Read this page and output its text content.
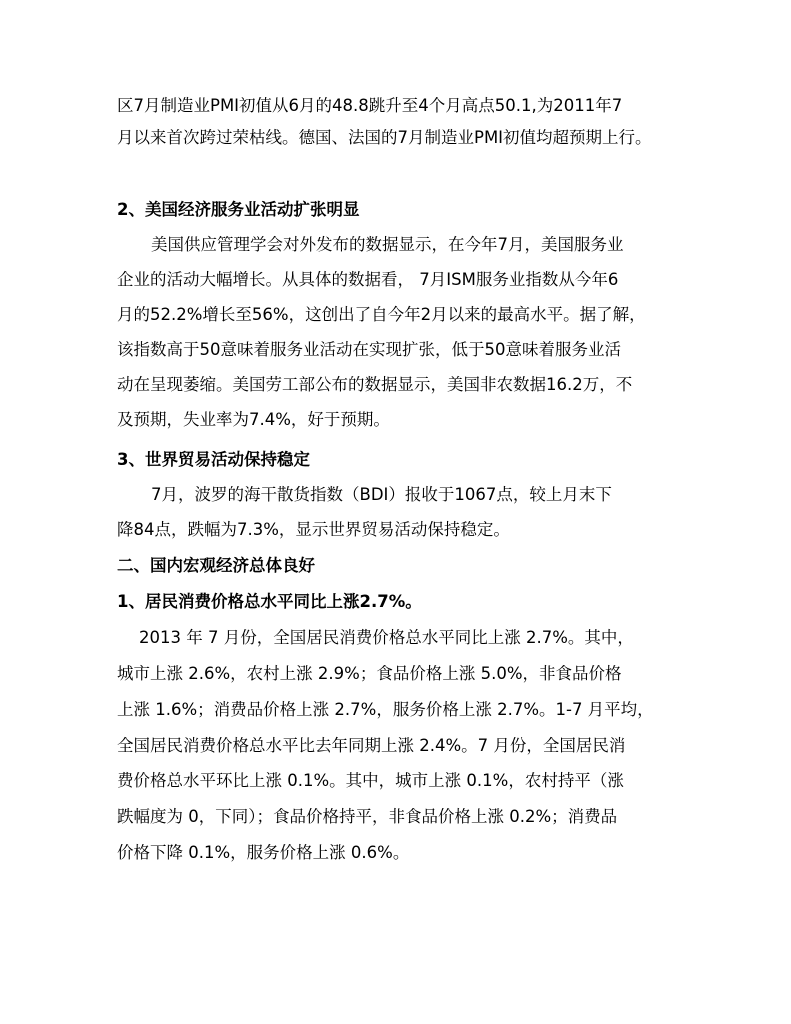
区7月制造业PMI初值从6月的48.8跳升至4个月高点50.1,为2011年7
月以来首次跨过荣枯线。德国、法国的7月制造业PMI初值均超预期上行。
2、美国经济服务业活动扩张明显
美国供应管理学会对外发布的数据显示，在今年7月，美国服务业
企业的活动大幅增长。从具体的数据看， 7月ISM服务业指数从今年6
月的52.2%增长至56%，这创出了自今年2月以来的最高水平。据了解，
该指数高于50意味着服务业活动在实现扩张，低于50意味着服务业活
动在呈现萎缩。美国劳工部公布的数据显示，美国非农数据16.2万，不
及预期，失业率为7.4%，好于预期。
3、世界贸易活动保持稳定
7月，波罗的海干散货指数（BDI）报收于1067点，较上月末下
降84点，跌幅为7.3%，显示世界贸易活动保持稳定。
二、国内宏观经济总体良好
1、居民消费价格总水平同比上涨2.7%。
2013 年 7 月份，全国居民消费价格总水平同比上涨 2.7%。其中，
城市上涨 2.6%，农村上涨 2.9%；食品价格上涨 5.0%，非食品价格
上涨 1.6%；消费品价格上涨 2.7%，服务价格上涨 2.7%。1-7 月平均，
全国居民消费价格总水平比去年同期上涨 2.4%。7 月份，全国居民消
费价格总水平环比上涨 0.1%。其中，城市上涨 0.1%，农村持平（涨
跌幅度为 0，下同）；食品价格持平，非食品价格上涨 0.2%；消费品
价格下降 0.1%，服务价格上涨 0.6%。
